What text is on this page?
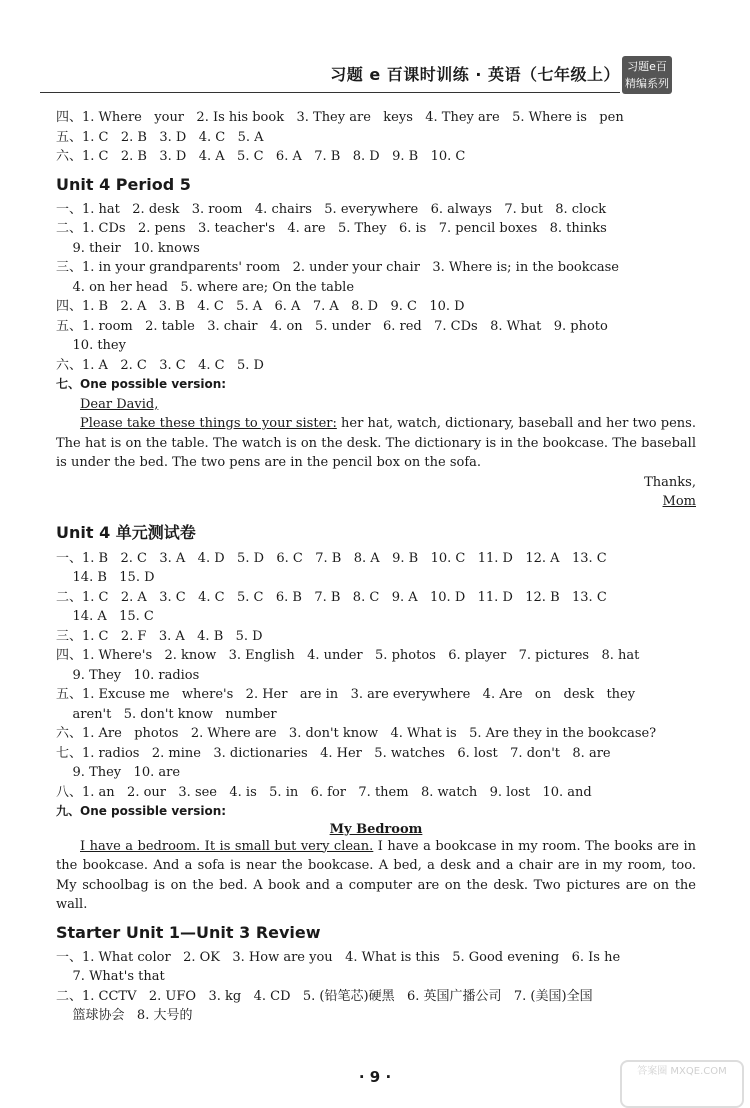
习题 e 百课时训练 · 英语（七年级上） 习题e百
精编系列
四、1. Where   your   2. Is his book   3. They are   keys   4. They are   5. Where is   pen
五、1. C   2. B   3. D   4. C   5. A
六、1. C   2. B   3. D   4. A   5. C   6. A   7. B   8. D   9. B   10. C
Unit 4 Period 5
一、1. hat   2. desk   3. room   4. chairs   5. everywhere   6. always   7. but   8. clock
二、1. CDs   2. pens   3. teacher's   4. are   5. They   6. is   7. pencil boxes   8. thinks
9. their   10. knows
三、1. in your grandparents' room   2. under your chair   3. Where is; in the bookcase
4. on her head   5. where are; On the table
四、1. B   2. A   3. B   4. C   5. A   6. A   7. A   8. D   9. C   10. D
五、1. room   2. table   3. chair   4. on   5. under   6. red   7. CDs   8. What   9. photo
10. they
六、1. A   2. C   3. C   4. C   5. D
七、One possible version:
Dear David,
Please take these things to your sister: her hat, watch, dictionary, baseball and her two pens. The hat is on the table. The watch is on the desk. The dictionary is in the bookcase. The baseball is under the bed. The two pens are in the pencil box on the sofa.
Thanks,
Mom
Unit 4 单元测试卷
一、1. B   2. C   3. A   4. D   5. D   6. C   7. B   8. A   9. B   10. C   11. D   12. A   13. C
14. B   15. D
二、1. C   2. A   3. C   4. C   5. C   6. B   7. B   8. C   9. A   10. D   11. D   12. B   13. C
14. A   15. C
三、1. C   2. F   3. A   4. B   5. D
四、1. Where's   2. know   3. English   4. under   5. photos   6. player   7. pictures   8. hat
9. They   10. radios
五、1. Excuse me   where's   2. Her   are in   3. are everywhere   4. Are   on   desk   they
aren't   5. don't know   number
六、1. Are   photos   2. Where are   3. don't know   4. What is   5. Are they in the bookcase?
七、1. radios   2. mine   3. dictionaries   4. Her   5. watches   6. lost   7. don't   8. are
9. They   10. are
八、1. an   2. our   3. see   4. is   5. in   6. for   7. them   8. watch   9. lost   10. and
九、One possible version:
My Bedroom
I have a bedroom. It is small but very clean. I have a bookcase in my room. The books are in the bookcase. And a sofa is near the bookcase. A bed, a desk and a chair are in my room, too. My schoolbag is on the bed. A book and a computer are on the desk. Two pictures are on the wall.
Starter Unit 1—Unit 3 Review
一、1. What color   2. OK   3. How are you   4. What is this   5. Good evening   6. Is he
7. What's that
二、1. CCTV   2. UFO   3. kg   4. CD   5. (铅笔芯)硬黑   6. 英国广播公司   7. (美国)全国
篮球协会   8. 大号的
· 9 ·	答案圈 MXQE.COM
